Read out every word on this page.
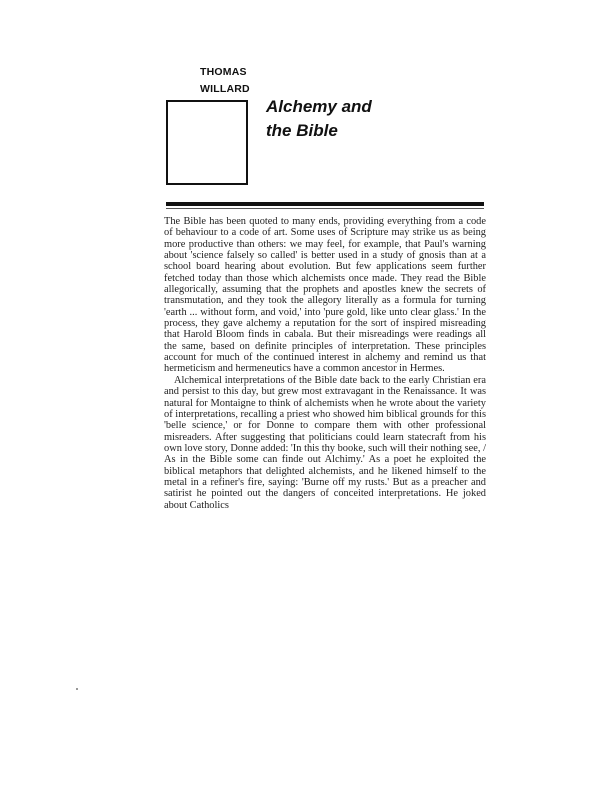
THOMAS
WILLARD
Alchemy and
the Bible

The Bible has been quoted to many ends, providing everything from a code of behaviour to a code of art. Some uses of Scripture may strike us as being more productive than others: we may feel, for example, that Paul's warning about 'science falsely so called' is better used in a study of gnosis than at a school board hearing about evolution. But few applications seem further fetched today than those which alchemists once made. They read the Bible allegorically, assuming that the prophets and apostles knew the secrets of transmutation, and they took the allegory literally as a formula for turning 'earth ... without form, and void,' into 'pure gold, like unto clear glass.' In the process, they gave alchemy a reputation for the sort of inspired misreading that Harold Bloom finds in cabala. But their misreadings were readings all the same, based on definite principles of interpretation. These principles account for much of the continued interest in alchemy and remind us that hermeticism and hermeneutics have a common ancestor in Hermes.

Alchemical interpretations of the Bible date back to the early Christian era and persist to this day, but grew most extravagant in the Renaissance. It was natural for Montaigne to think of alchemists when he wrote about the variety of interpretations, recalling a priest who showed him biblical grounds for this 'belle science,' or for Donne to compare them with other professional misreaders. After suggesting that politicians could learn statecraft from his own love story, Donne added: 'In this thy booke, such will their nothing see, / As in the Bible some can finde out Alchimy.' As a poet he exploited the biblical metaphors that delighted alchemists, and he likened himself to the metal in a refiner's fire, saying: 'Burne off my rusts.' But as a preacher and satirist he pointed out the dangers of conceited interpretations. He joked about Catholics
